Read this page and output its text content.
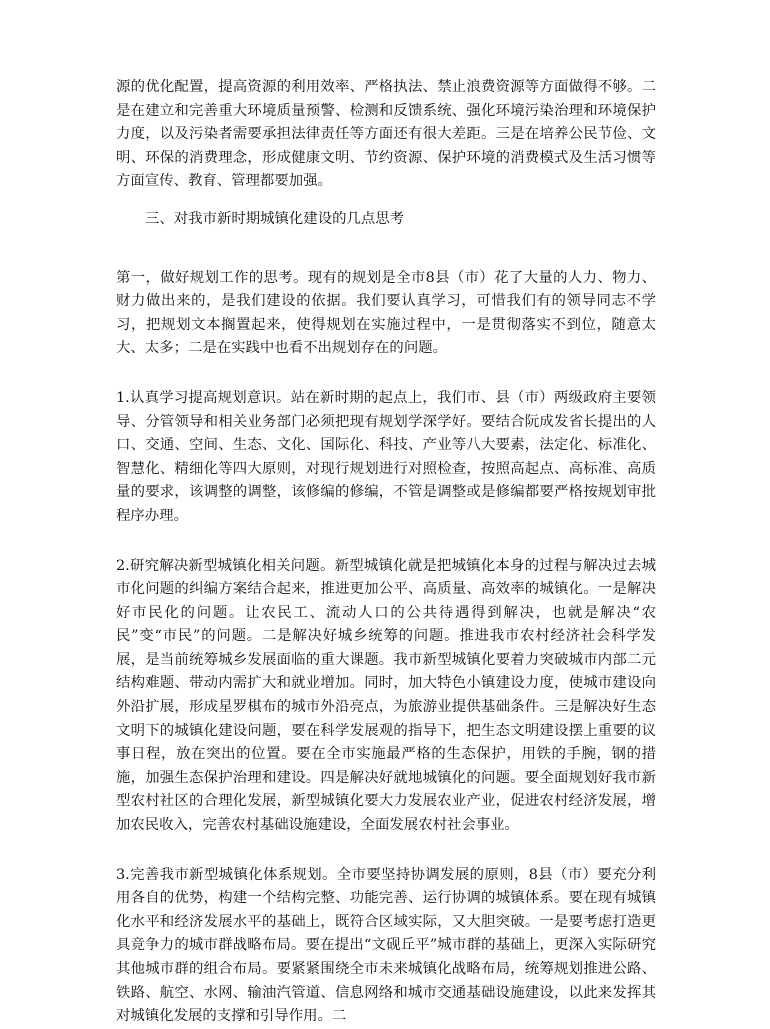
源的优化配置，提高资源的利用效率、严格执法、禁止浪费资源等方面做得不够。二是在建立和完善重大环境质量预警、检测和反馈系统、强化环境污染治理和环境保护力度，以及污染者需要承担法律责任等方面还有很大差距。三是在培养公民节俭、文明、环保的消费理念，形成健康文明、节约资源、保护环境的消费模式及生活习惯等方面宣传、教育、管理都要加强。

三、对我市新时期城镇化建设的几点思考

第一，做好规划工作的思考。现有的规划是全市8县（市）花了大量的人力、物力、财力做出来的，是我们建设的依据。我们要认真学习，可惜我们有的领导同志不学习，把规划文本搁置起来，使得规划在实施过程中，一是贯彻落实不到位，随意太大、太多；二是在实践中也看不出规划存在的问题。

1.认真学习提高规划意识。站在新时期的起点上，我们市、县（市）两级政府主要领导、分管领导和相关业务部门必须把现有规划学深学好。要结合阮成发省长提出的人口、交通、空间、生态、文化、国际化、科技、产业等八大要素，法定化、标准化、智慧化、精细化等四大原则，对现行规划进行对照检查，按照高起点、高标准、高质量的要求，该调整的调整，该修编的修编，不管是调整或是修编都要严格按规划审批程序办理。

2.研究解决新型城镇化相关问题。新型城镇化就是把城镇化本身的过程与解决过去城市化问题的纠编方案结合起来，推进更加公平、高质量、高效率的城镇化。一是解决好市民化的问题。让农民工、流动人口的公共待遇得到解决，也就是解决“农民”变“市民”的问题。二是解决好城乡统筹的问题。推进我市农村经济社会科学发展，是当前统筹城乡发展面临的重大课题。我市新型城镇化要着力突破城市内部二元结构难题、带动内需扩大和就业增加。同时，加大特色小镇建设力度，使城市建设向外沿扩展，形成星罗棋布的城市外沿亮点，为旅游业提供基础条件。三是解决好生态文明下的城镇化建设问题，要在科学发展观的指导下，把生态文明建设摆上重要的议事日程，放在突出的位置。要在全市实施最严格的生态保护，用铁的手腕，钢的措施，加强生态保护治理和建设。四是解决好就地城镇化的问题。要全面规划好我市新型农村社区的合理化发展，新型城镇化要大力发展农业产业，促进农村经济发展，增加农民收入，完善农村基础设施建设，全面发展农村社会事业。

3.完善我市新型城镇化体系规划。全市要坚持协调发展的原则，8县（市）要充分利用各自的优势，构建一个结构完整、功能完善、运行协调的城镇体系。要在现有城镇化水平和经济发展水平的基础上，既符合区域实际，又大胆突破。一是要考虑打造更具竞争力的城市群战略布局。要在提出“文砚丘平”城市群的基础上，更深入实际研究其他城市群的组合布局。要紧紧围绕全市未来城镇化战略布局，统筹规划推进公路、铁路、航空、水网、输油汽管道、信息网络和城市交通基础设施建设，以此来发挥其对城镇化发展的支撑和引导作用。二
